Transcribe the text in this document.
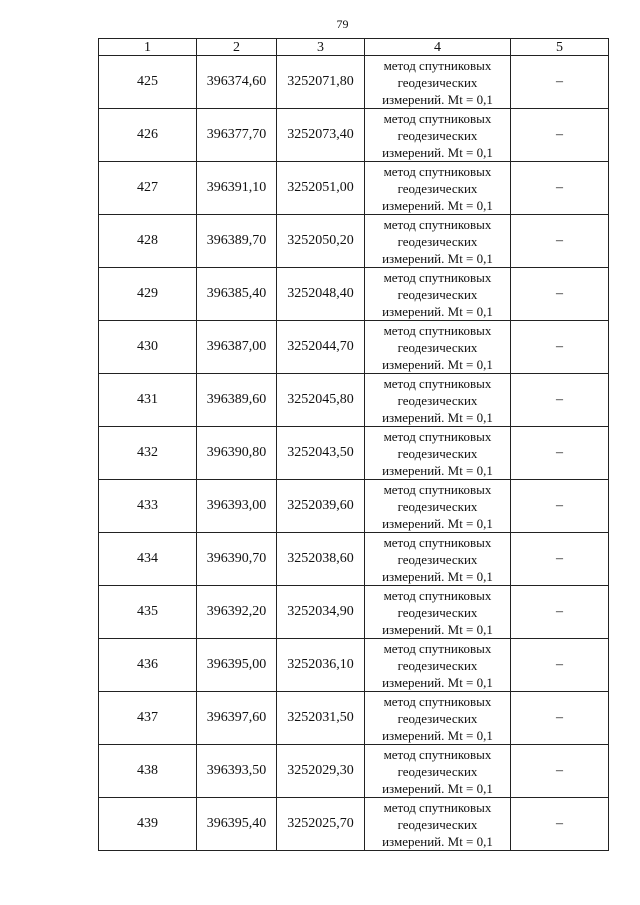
79
1	2	3	4	5
425	396374,60	3252071,80	метод спутниковых
геодезических
измерений. Mt = 0,1	–
426	396377,70	3252073,40	метод спутниковых
геодезических
измерений. Mt = 0,1	–
427	396391,10	3252051,00	метод спутниковых
геодезических
измерений. Mt = 0,1	–
428	396389,70	3252050,20	метод спутниковых
геодезических
измерений. Mt = 0,1	–
429	396385,40	3252048,40	метод спутниковых
геодезических
измерений. Mt = 0,1	–
430	396387,00	3252044,70	метод спутниковых
геодезических
измерений. Mt = 0,1	–
431	396389,60	3252045,80	метод спутниковых
геодезических
измерений. Mt = 0,1	–
432	396390,80	3252043,50	метод спутниковых
геодезических
измерений. Mt = 0,1	–
433	396393,00	3252039,60	метод спутниковых
геодезических
измерений. Mt = 0,1	–
434	396390,70	3252038,60	метод спутниковых
геодезических
измерений. Mt = 0,1	–
435	396392,20	3252034,90	метод спутниковых
геодезических
измерений. Mt = 0,1	–
436	396395,00	3252036,10	метод спутниковых
геодезических
измерений. Mt = 0,1	–
437	396397,60	3252031,50	метод спутниковых
геодезических
измерений. Mt = 0,1	–
438	396393,50	3252029,30	метод спутниковых
геодезических
измерений. Mt = 0,1	–
439	396395,40	3252025,70	метод спутниковых
геодезических
измерений. Mt = 0,1	–
